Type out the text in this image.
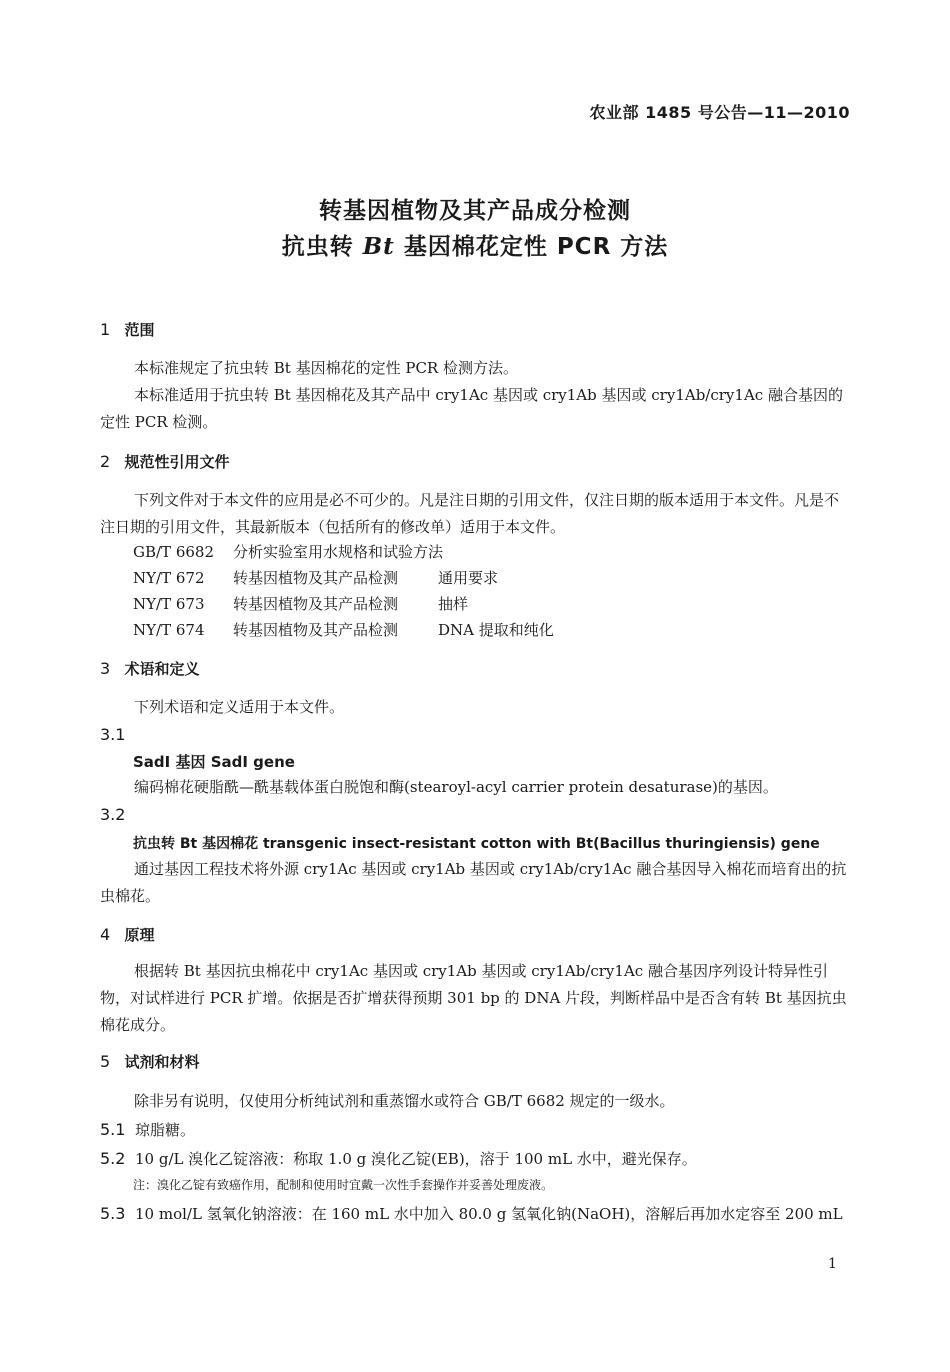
农业部 1485 号公告—11—2010
转基因植物及其产品成分检测
抗虫转 Bt 基因棉花定性 PCR 方法
1 范围
本标准规定了抗虫转 Bt 基因棉花的定性 PCR 检测方法。
本标准适用于抗虫转 Bt 基因棉花及其产品中 cry1Ac 基因或 cry1Ab 基因或 cry1Ab/cry1Ac 融合基因的定性 PCR 检测。
2 规范性引用文件
下列文件对于本文件的应用是必不可少的。凡是注日期的引用文件，仅注日期的版本适用于本文件。凡是不注日期的引用文件，其最新版本（包括所有的修改单）适用于本文件。
GB/T 6682 分析实验室用水规格和试验方法
NY/T 672 转基因植物及其产品检测	通用要求
NY/T 673 转基因植物及其产品检测	抽样
NY/T 674 转基因植物及其产品检测	DNA 提取和纯化
3 术语和定义
下列术语和定义适用于本文件。
3.1
SadⅠ 基因 SadⅠ gene
编码棉花硬脂酰—酰基载体蛋白脱饱和酶(stearoyl-acyl carrier protein desaturase)的基因。
3.2
抗虫转 Bt 基因棉花 transgenic insect-resistant cotton with Bt(Bacillus thuringiensis) gene
通过基因工程技术将外源 cry1Ac 基因或 cry1Ab 基因或 cry1Ab/cry1Ac 融合基因导入棉花而培育出的抗虫棉花。
4 原理
根据转 Bt 基因抗虫棉花中 cry1Ac 基因或 cry1Ab 基因或 cry1Ab/cry1Ac 融合基因序列设计特异性引物，对试样进行 PCR 扩增。依据是否扩增获得预期 301 bp 的 DNA 片段，判断样品中是否含有转 Bt 基因抗虫棉花成分。
5 试剂和材料
除非另有说明，仅使用分析纯试剂和重蒸馏水或符合 GB/T 6682 规定的一级水。
5.1 琼脂糖。
5.2 10 g/L 溴化乙锭溶液：称取 1.0 g 溴化乙锭(EB)，溶于 100 mL 水中，避光保存。
注：溴化乙锭有致癌作用，配制和使用时宜戴一次性手套操作并妥善处理废液。
5.3 10 mol/L 氢氧化钠溶液：在 160 mL 水中加入 80.0 g 氢氧化钠(NaOH)，溶解后再加水定容至 200 mL
1
